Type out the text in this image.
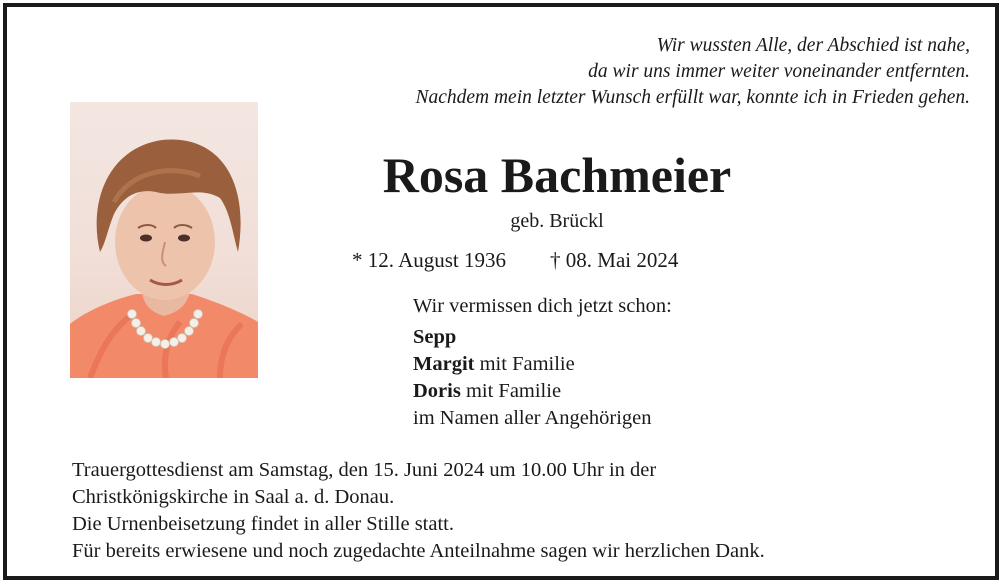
Wir wussten Alle, der Abschied ist nahe,
da wir uns immer weiter voneinander entfernten.
Nachdem mein letzter Wunsch erfüllt war, konnte ich in Frieden gehen.
Rosa Bachmeier
geb. Brückl
* 12. August 1936 † 08. Mai 2024
Wir vermissen dich jetzt schon:
Sepp
Margit mit Familie
Doris mit Familie
im Namen aller Angehörigen
Trauergottesdienst am Samstag, den 15. Juni 2024 um 10.00 Uhr in der
Christkönigskirche in Saal a. d. Donau.
Die Urnenbeisetzung findet in aller Stille statt.
Für bereits erwiesene und noch zugedachte Anteilnahme sagen wir herzlichen Dank.
